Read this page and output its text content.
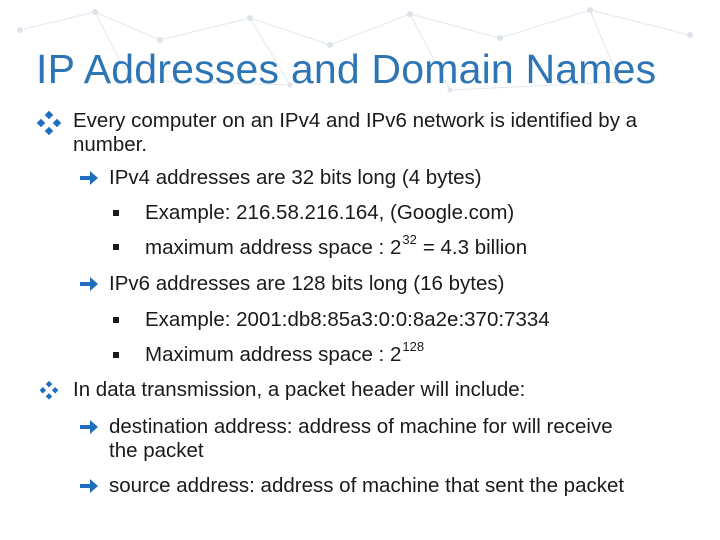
IP Addresses and Domain Names
Every computer on an IPv4 and IPv6 network is identified by a
number.
IPv4 addresses are 32 bits long (4 bytes)
Example: 216.58.216.164, (Google.com)
maximum address space : $2^{32} = 4.3$ billion
IPv6 addresses are 128 bits long (16 bytes)
Example: 2001:db8:85a3:0:0:8a2e:370:7334
Maximum address space : $2^{128}$
In data transmission, a packet header will include:
destination address: address of machine for will receive
the packet
source address: address of machine that sent the packet
